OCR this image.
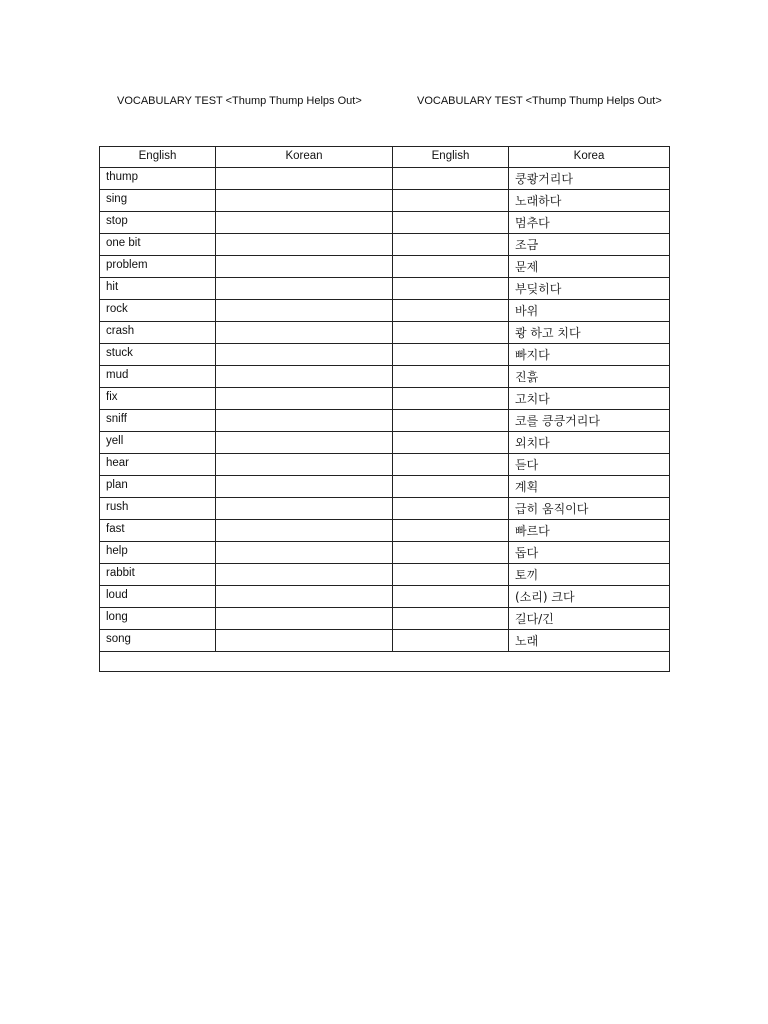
VOCABULARY TEST <Thump Thump Helps Out>	VOCABULARY TEST <Thump Thump Helps Out>
English	Korean	English	Korea
thump			쿵쾅거리다
sing			노래하다
stop			멈추다
one bit			조금
problem			문제
hit			부딪히다
rock			바위
crash			쾅 하고 치다
stuck			빠지다
mud			진흙
fix			고치다
sniff			코를 킁킁거리다
yell			외치다
hear			듣다
plan			계획
rush			급히 움직이다
fast			빠르다
help			돕다
rabbit			토끼
loud			(소리) 크다
long			길다/긴
song			노래
